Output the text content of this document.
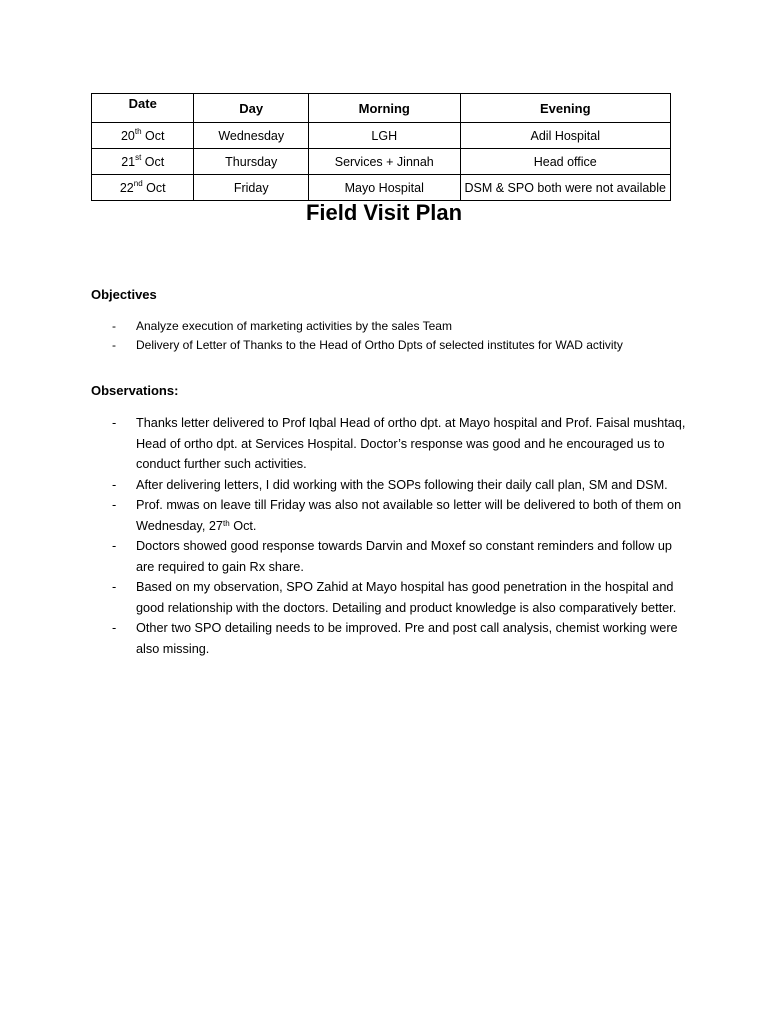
Date	Day	Morning	Evening
20th Oct	Wednesday	LGH	Adil Hospital
21st Oct	Thursday	Services + Jinnah	Head office
22nd Oct	Friday	Mayo Hospital	DSM & SPO both were not available
Field Visit Plan
Objectives
- Analyze execution of marketing activities by the sales Team
- Delivery of Letter of Thanks to the Head of Ortho Dpts of selected institutes for WAD activity
Observations:
- Thanks letter delivered to Prof Iqbal Head of ortho dpt. at Mayo hospital and Prof. Faisal mushtaq, Head of ortho dpt. at Services Hospital. Doctor’s response was good and he encouraged us to conduct further such activities.
- After delivering letters, I did working with the SOPs following their daily call plan, SM and DSM.
- Prof. mwas on leave till Friday was also not available so letter will be delivered to both of them on Wednesday, 27th Oct.
- Doctors showed good response towards Darvin and Moxef so constant reminders and follow up are required to gain Rx share.
- Based on my observation, SPO Zahid at Mayo hospital has good penetration in the hospital and good relationship with the doctors. Detailing and product knowledge is also comparatively better.
- Other two SPO detailing needs to be improved. Pre and post call analysis, chemist working were also missing.
